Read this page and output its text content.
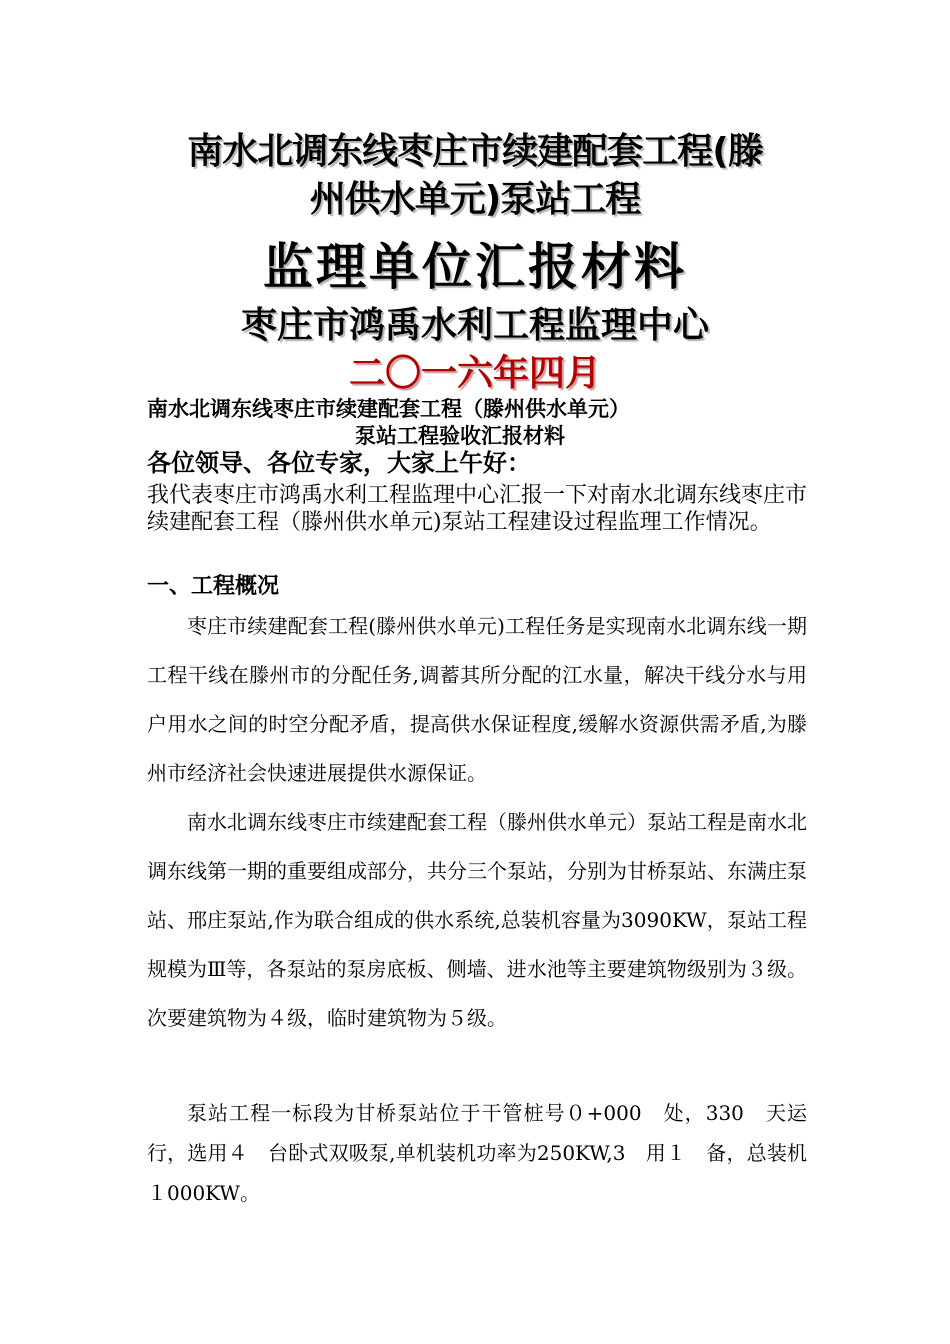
南水北调东线枣庄市续建配套工程(滕
州供水单元)泵站工程
监理单位汇报材料
枣庄市鸿禹水利工程监理中心
二〇一六年四月

南水北调东线枣庄市续建配套工程（滕州供水单元）

泵站工程验收汇报材料

各位领导、各位专家，大家上午好：

我代表枣庄市鸿禹水利工程监理中心汇报一下对南水北调东线枣庄市续建配套工程（滕州供水单元)泵站工程建设过程监理工作情况。

一、工程概况

枣庄市续建配套工程(滕州供水单元)工程任务是实现南水北调东线一期工程干线在滕州市的分配任务,调蓄其所分配的江水量，解决干线分水与用户用水之间的时空分配矛盾，提高供水保证程度,缓解水资源供需矛盾,为滕州市经济社会快速进展提供水源保证。

南水北调东线枣庄市续建配套工程（滕州供水单元）泵站工程是南水北调东线第一期的重要组成部分，共分三个泵站，分别为甘桥泵站、东满庄泵站、邢庄泵站,作为联合组成的供水系统,总装机容量为3090KW，泵站工程规模为Ⅲ等，各泵站的泵房底板、侧墙、进水池等主要建筑物级别为３级。次要建筑物为４级，临时建筑物为５级。

泵站工程一标段为甘桥泵站位于干管桩号０+000　处，330　天运行，选用４　台卧式双吸泵,单机装机功率为250KW,3　用１　备，总装机１000KW。
